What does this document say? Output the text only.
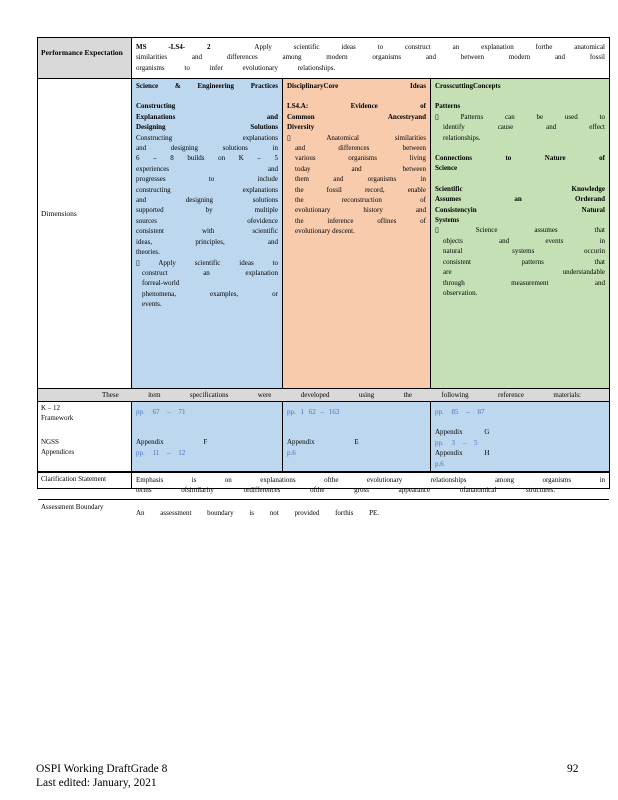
Performance Expectation
MS -LS4- 2	Apply scientific ideas to construct an explanation forthe anatomical
similarities and differences among modern organisms and between modern and fossil
organisms to infer evolutionary relationships.
Dimensions
Science & Engineering Practices
Constructing
Explanations and
Designing Solutions
Constructing explanations
and designing solutions in
6 – 8 builds on K – 5
experiences and
progresses to include
constructing explanations
and designing solutions
supported by multiple
sources ofevidence
consistent with scientific
ideas, principles, and
theories.
▯ Apply scientific ideas to
construct an explanation
forreal-world
phenomena, examples, or
events.
DisciplinaryCore Ideas
LS4.A: Evidence of
Common Ancestryand
Diversity
▯ Anatomical similarities
and differences between
various organisms living
today and between
them and organisms in
the fossil record, enable
the reconstruction of
evolutionary history and
the inference oflines of
evolutionary descent.
CrosscuttingConcepts
Patterns
▯ Patterns can be used to
identify cause and effect
relationships.
Connections to Nature of
Science
Scientific Knowledge
Assumes an Orderand
Consistencyin Natural
Systems
▯ Science assumes that
objects and events in
natural systems occurin
consistent patterns that
are understandable
through measurement and
observation.
These item specifications were developed using the following reference materials:
K – 12 Framework
NGSS Appendices
pp. 67 – 71
Appendix F
pp. 11 – 12
pp. 1 62 – 163
Appendix E
p.6
pp. 85 – 87
Appendix G
pp. 3 – 5
Appendix H
p.6
Clarification Statement	Emphasis is on explanations ofthe evolutionary relationships among organisms in
terms ofsimilarity ordifferences ofthe gross appearance ofanatomical structures.
Assessment Boundary
An assessment boundary is not provided forthis PE.
OSPI Working DraftGrade 8
Last edited: January, 2021
92
